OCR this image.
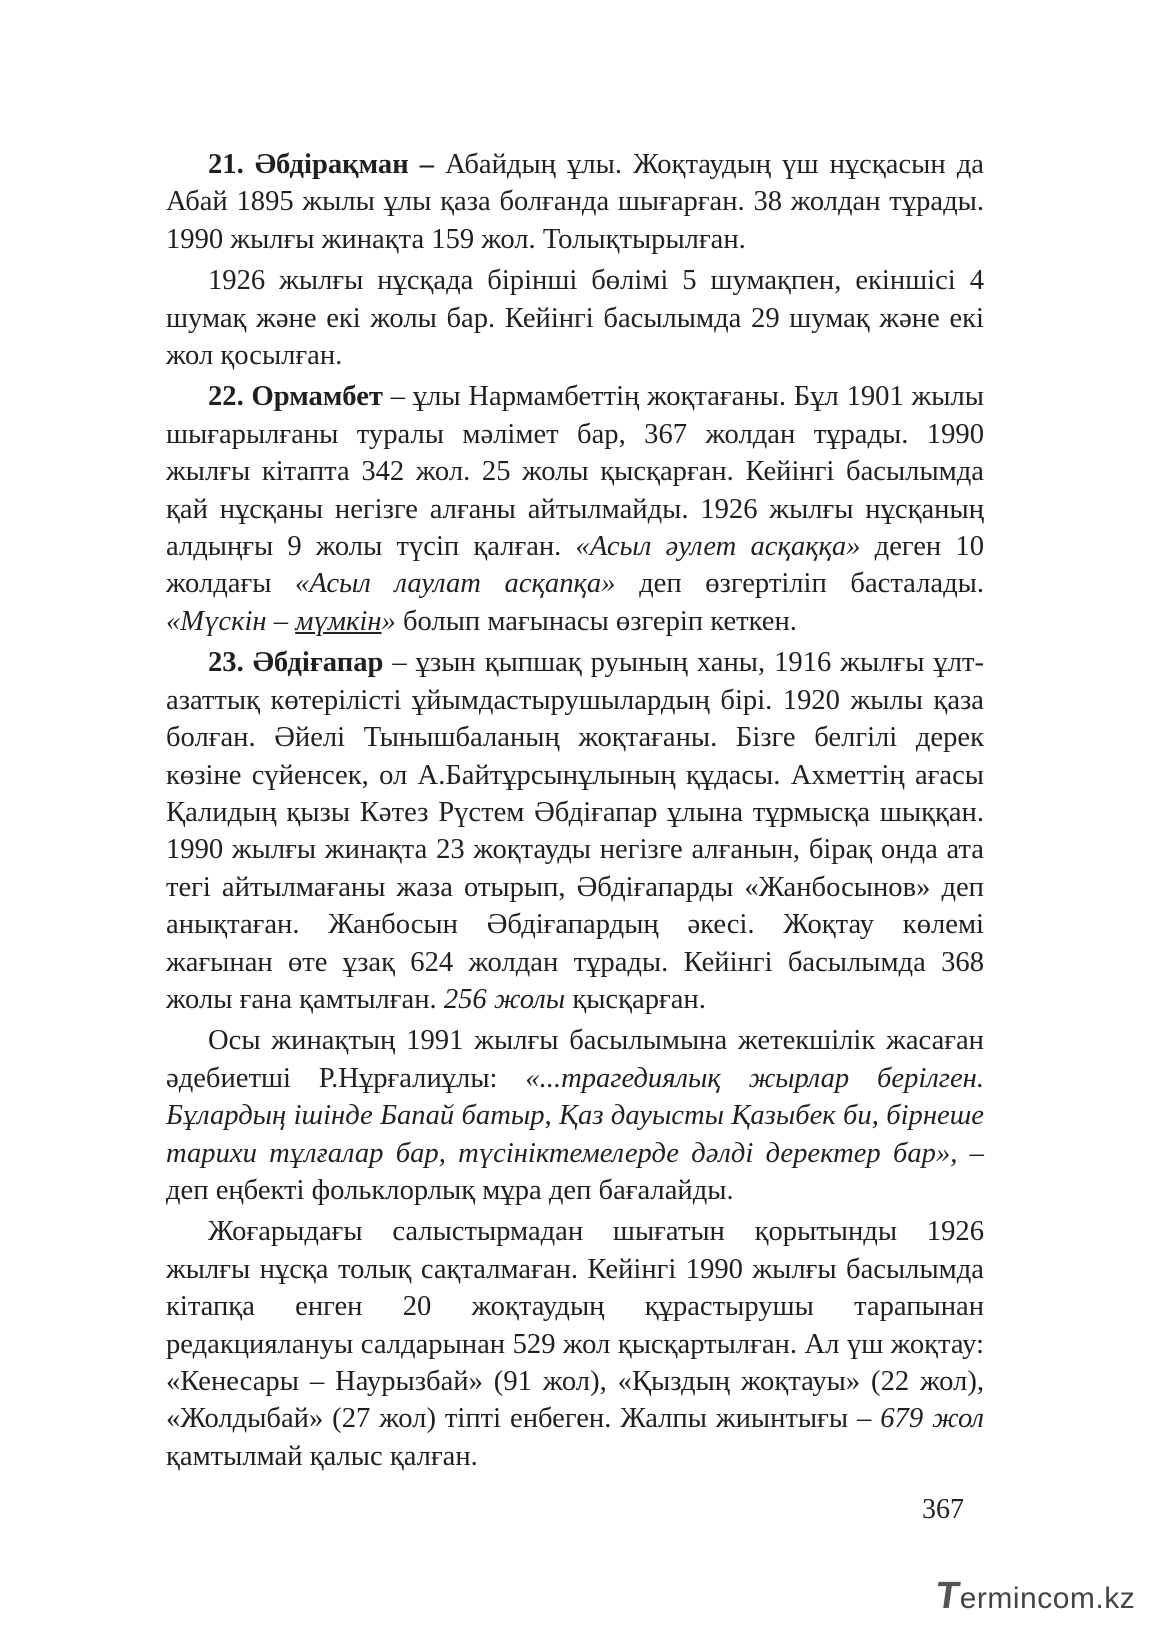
21. Әбдірақман – Абайдың ұлы. Жоқтаудың үш нұсқасын да Абай 1895 жылы ұлы қаза болғанда шығарған. 38 жолдан тұрады. 1990 жылғы жинақта 159 жол. Толықтырылған.

1926 жылғы нұсқада бірінші бөлімі 5 шумақпен, екіншісі 4 шумақ және екі жолы бар. Кейінгі басылымда 29 шумақ және екі жол қосылған.

22. Ормамбет – ұлы Нармамбеттің жоқтағаны. Бұл 1901 жылы шығарылғаны туралы мәлімет бар, 367 жолдан тұрады. 1990 жылғы кітапта 342 жол. 25 жолы қысқарған. Кейінгі басылымда қай нұсқаны негізге алғаны айтылмайды. 1926 жылғы нұсқаның алдыңғы 9 жолы түсіп қалған. «Асыл әулет асқаққа» деген 10 жолдағы «Асыл лаулат асқапқа» деп өзгертіліп басталады. «Мүскін – мүмкін» болып мағынасы өзгеріп кеткен.

23. Әбдіғапар – ұзын қыпшақ руының ханы, 1916 жылғы ұлт-азаттық көтерілісті ұйымдастырушылардың бірі. 1920 жылы қаза болған. Әйелі Тынышбаланың жоқтағаны. Бізге белгілі дерек көзіне сүйенсек, ол А.Байтұрсынұлының құдасы. Ахметтің ағасы Қалидың қызы Кәтез Рүстем Әбдіғапар ұлына тұрмысқа шыққан. 1990 жылғы жинақта 23 жоқтауды негізге алғанын, бірақ онда ата тегі айтылмағаны жаза отырып, Әбдіғапарды «Жанбосынов» деп анықтаған. Жанбосын Әбдіғапардың әкесі. Жоқтау көлемі жағынан өте ұзақ 624 жолдан тұрады. Кейінгі басылымда 368 жолы ғана қамтылған. 256 жолы қысқарған.

Осы жинақтың 1991 жылғы басылымына жетекшілік жасаған әдебиетші Р.Нұрғалиұлы: «...трагедиялық жырлар берілген. Бұлардың ішінде Бапай батыр, Қаз дауысты Қазыбек би, бірнеше тарихи тұлғалар бар, түсініктемелерде дәлді деректер бар», – деп еңбекті фольклорлық мұра деп бағалайды.

Жоғарыдағы салыстырмадан шығатын қорытынды 1926 жылғы нұсқа толық сақталмаған. Кейінгі 1990 жылғы басылымда кітапқа енген 20 жоқтаудың құрастырушы тарапынан редакциялануы салдарынан 529 жол қысқартылған. Ал үш жоқтау: «Кенесары – Наурызбай» (91 жол), «Қыздың жоқтауы» (22 жол), «Жолдыбай» (27 жол) тіпті енбеген. Жалпы жиынтығы – 679 жол қамтылмай қалыс қалған.

367
Termincom.kz
